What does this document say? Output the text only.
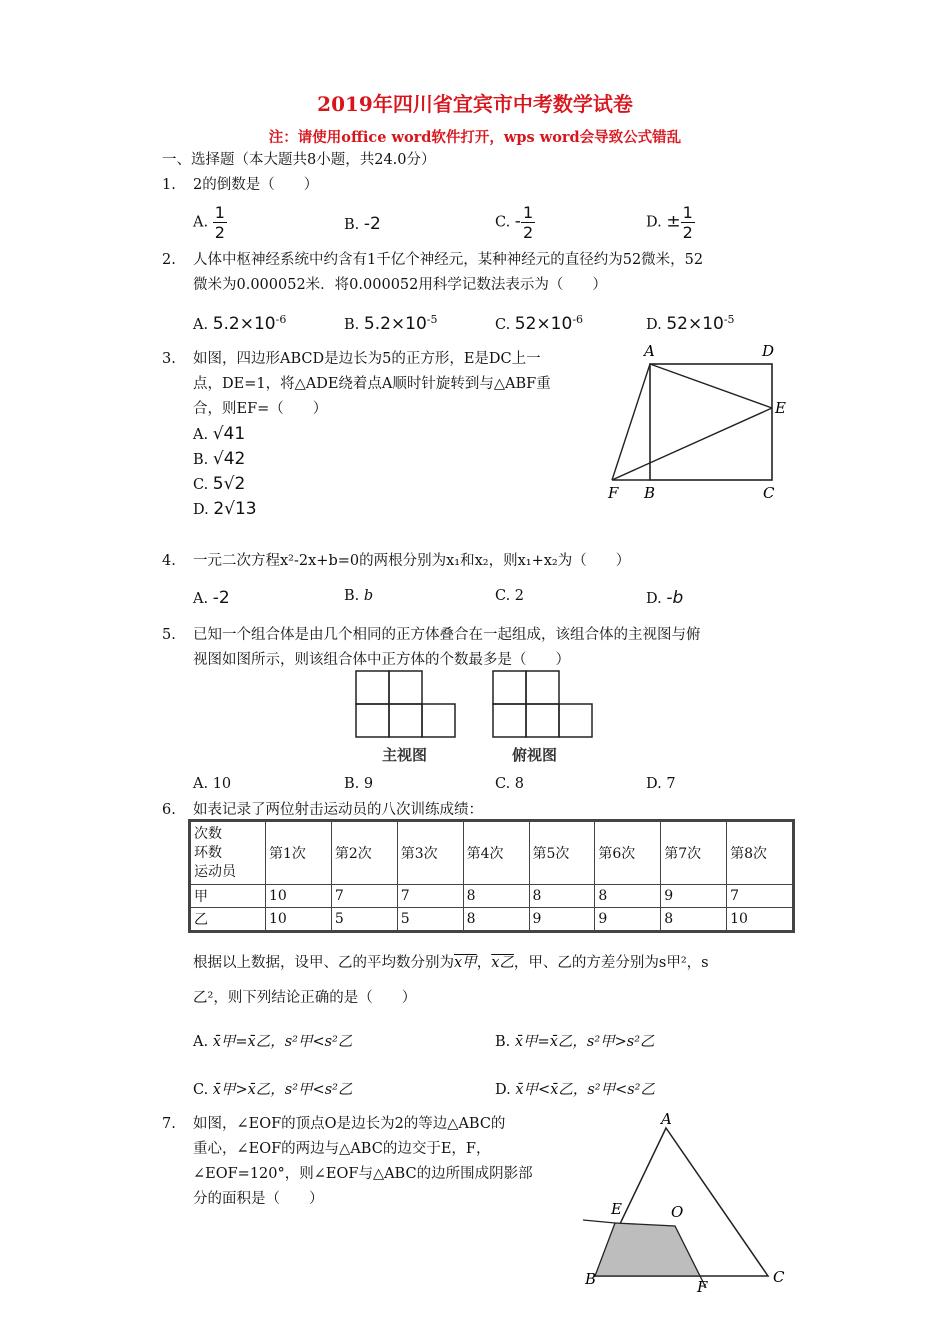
2019年四川省宜宾市中考数学试卷
注：请使用office word软件打开，wps word会导致公式错乱
一、选择题（本大题共8小题，共24.0分）
1. 2的倒数是（　　）
A. $\frac{1}{2}$	B. -2	C. - $\frac{1}{2}$	D. ± $\frac{1}{2}$
2. 人体中枢神经系统中约含有1千亿个神经元，某种神经元的直径约为52微米，52
微米为0.000052米．将0.000052用科学记数法表示为（　　）
A. $5.2\times 10^{-6}$	B. $5.2\times 10^{-5}$	C. $52\times 10^{-6}$	D. $52\times 10^{-5}$
3. 如图，四边形ABCD是边长为5的正方形，E是DC上一
点，DE=1，将△ADE绕着点A顺时针旋转到与△ABF重
合，则EF=（　　）
A. √41
B. √42
C. 5√2
D. 2√13
A	D
E
F B	C
4. 一元二次方程x²-2x+b=0的两根分别为x₁和x₂，则x₁+x₂为（　　）
A. -2	B. b	C. 2	D. -b
5. 已知一个组合体是由几个相同的正方体叠合在一起组成，该组合体的主视图与俯
视图如图所示，则该组合体中正方体的个数最多是（　　）
主视图	俯视图
A. 10	B. 9	C. 8	D. 7
6. 如表记录了两位射击运动员的八次训练成绩：
次数
环数
运动员	第1次	第2次	第3次	第4次	第5次	第6次	第7次	第8次
甲	10	7	7	8	8	8	9	7
乙	10	5	5	8	9	9	8	10
根据以上数据，设甲、乙的平均数分别为x甲，x乙，甲、乙的方差分别为s甲²，s
乙²，则下列结论正确的是（　　）
A. x̄甲=x̄乙，s²甲<s²乙	B. x̄甲=x̄乙，s²甲>s²乙
C. x̄甲>x̄乙，s²甲<s²乙	D. x̄甲<x̄乙，s²甲<s²乙
7. 如图，∠EOF的顶点O是边长为2的等边△ABC的
重心，∠EOF的两边与△ABC的边交于E，F，
∠EOF=120°，则∠EOF与△ABC的边所围成阴影部
分的面积是（　　）
A
E	O
B	F
C
